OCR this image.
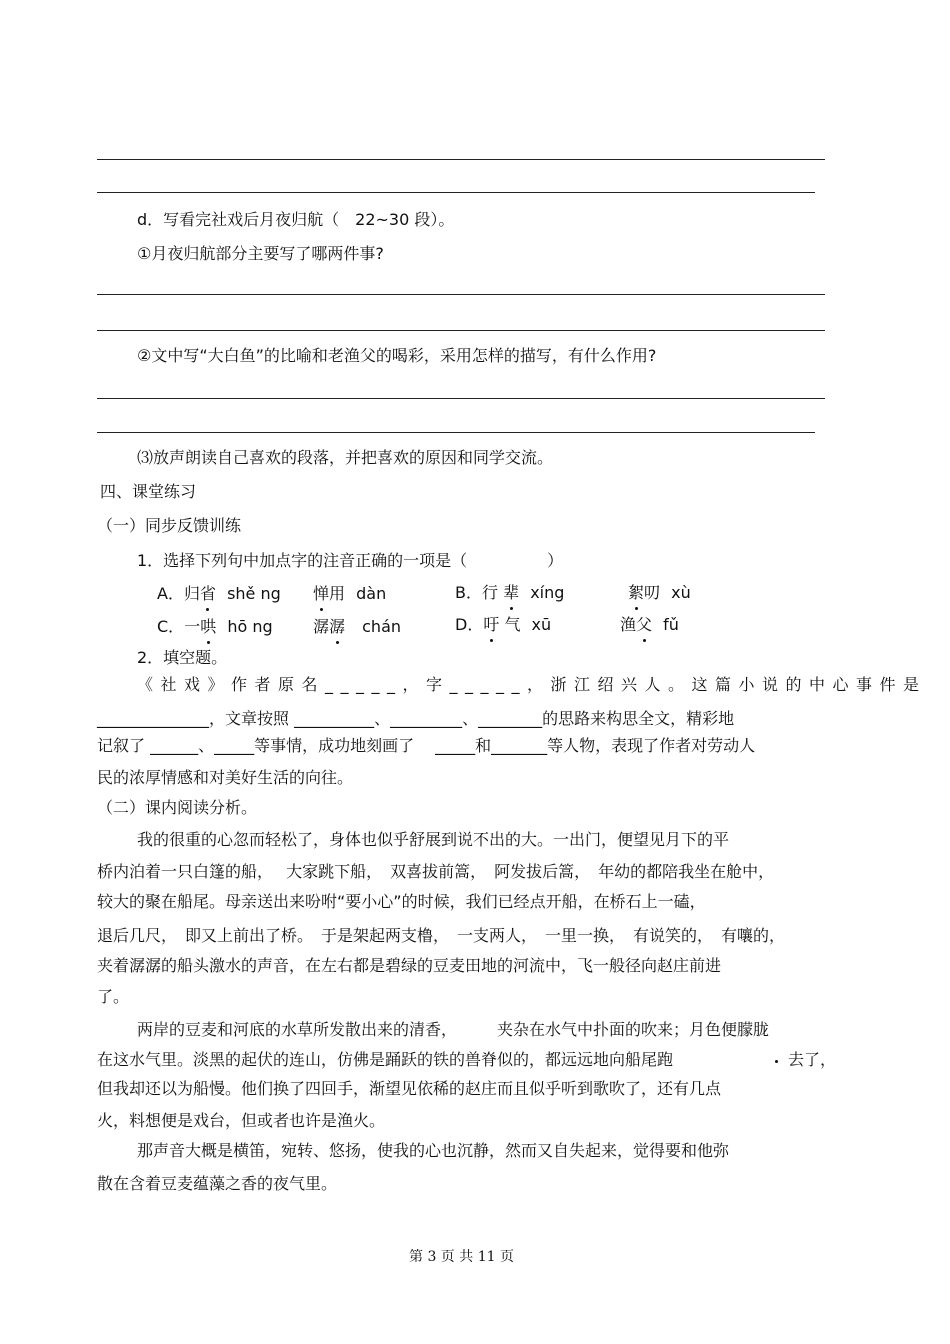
d．写看完社戏后月夜归航（　22~30 段）。
①月夜归航部分主要写了哪两件事?
②文中写“大白鱼”的比喻和老渔父的喝彩，采用怎样的描写，有什么作用?
⑶放声朗读自己喜欢的段落，并把喜欢的原因和同学交流。
四、课堂练习
（一）同步反馈训练
1．选择下列句中加点字的注音正确的一项是（　　　　　）
A．归省 shě ng 惮用 dàn	B．行 辈 xíng	絮叨 xù
C．一哄 hō ng	潺潺 chán	D．吁 气 xū	渔父 fǔ
2．填空题。
《社戏》作者原名_____，字_____，浙江绍兴人。这篇小说的中心事件是
______________，文章按照 __________、_________、________的思路来构思全文，精彩地
记叙了 ______、_____等事情，成功地刻画了　 _____和_______等人物，表现了作者对劳动人
民的浓厚情感和对美好生活的向往。
（二）课内阅读分析。
我的很重的心忽而轻松了，身体也似乎舒展到说不出的大。一出门，便望见月下的平
桥内泊着一只白篷的船，　 大家跳下船，　双喜拔前篙，　阿发拔后篙，　年幼的都陪我坐在舱中，
较大的聚在船尾。母亲送出来吩咐“要小心”的时候，我们已经点开船，在桥石上一磕，
退后几尺，　即又上前出了桥。　于是架起两支橹，　一支两人，　一里一换，　有说笑的，　有嚷的，
夹着潺潺的船头激水的声音，在左右都是碧绿的豆麦田地的河流中，飞一般径向赵庄前进
了。
两岸的豆麦和河底的水草所发散出来的清香，　　　夹杂在水气中扑面的吹来；月色便朦胧
在这水气里。淡黑的起伏的连山，仿佛是踊跃的铁的兽脊似的，都远远地向船尾跑	去了，
但我却还以为船慢。他们换了四回手，渐望见依稀的赵庄而且似乎听到歌吹了，还有几点
火，料想便是戏台，但或者也许是渔火。
那声音大概是横笛，宛转、悠扬，使我的心也沉静，然而又自失起来，觉得要和他弥
散在含着豆麦蕴藻之香的夜气里。
第 3 页 共 11 页
